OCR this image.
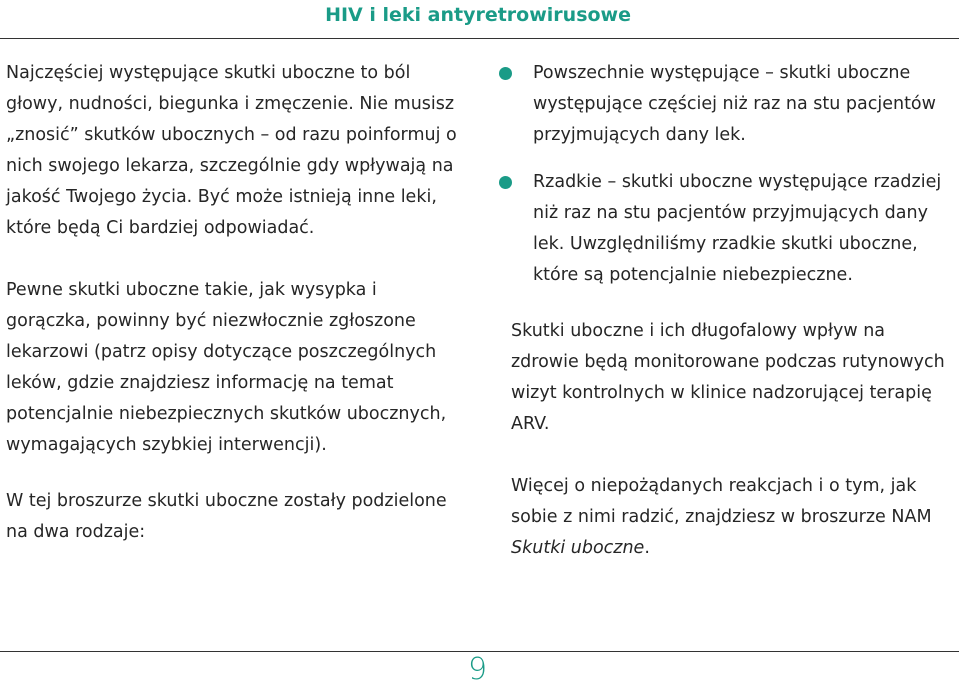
HIV i leki antyretrowirusowe

Najczęściej występujące skutki uboczne to ból głowy, nudności, biegunka i zmęczenie. Nie musisz „znosić” skutków ubocznych – od razu poinformuj o nich swojego lekarza, szczególnie gdy wpływają na jakość Twojego życia. Być może istnieją inne leki, które będą Ci bardziej odpowiadać.

Pewne skutki uboczne takie, jak wysypka i gorączka, powinny być niezwłocznie zgłoszone lekarzowi (patrz opisy dotyczące poszczególnych leków, gdzie znajdziesz informację na temat potencjalnie niebezpiecznych skutków ubocznych, wymagających szybkiej interwencji).

W tej broszurze skutki uboczne zostały podzielone na dwa rodzaje:

Powszechnie występujące – skutki uboczne występujące częściej niż raz na stu pacjentów przyjmujących dany lek.

Rzadkie – skutki uboczne występujące rzadziej niż raz na stu pacjentów przyjmujących dany lek. Uwzględniliśmy rzadkie skutki uboczne, które są potencjalnie niebezpieczne.

Skutki uboczne i ich długofalowy wpływ na zdrowie będą monitorowane podczas rutynowych wizyt kontrolnych w klinice nadzorującej terapię ARV.

Więcej o niepożądanych reakcjach i o tym, jak sobie z nimi radzić, znajdziesz w broszurze NAM Skutki uboczne.

9
